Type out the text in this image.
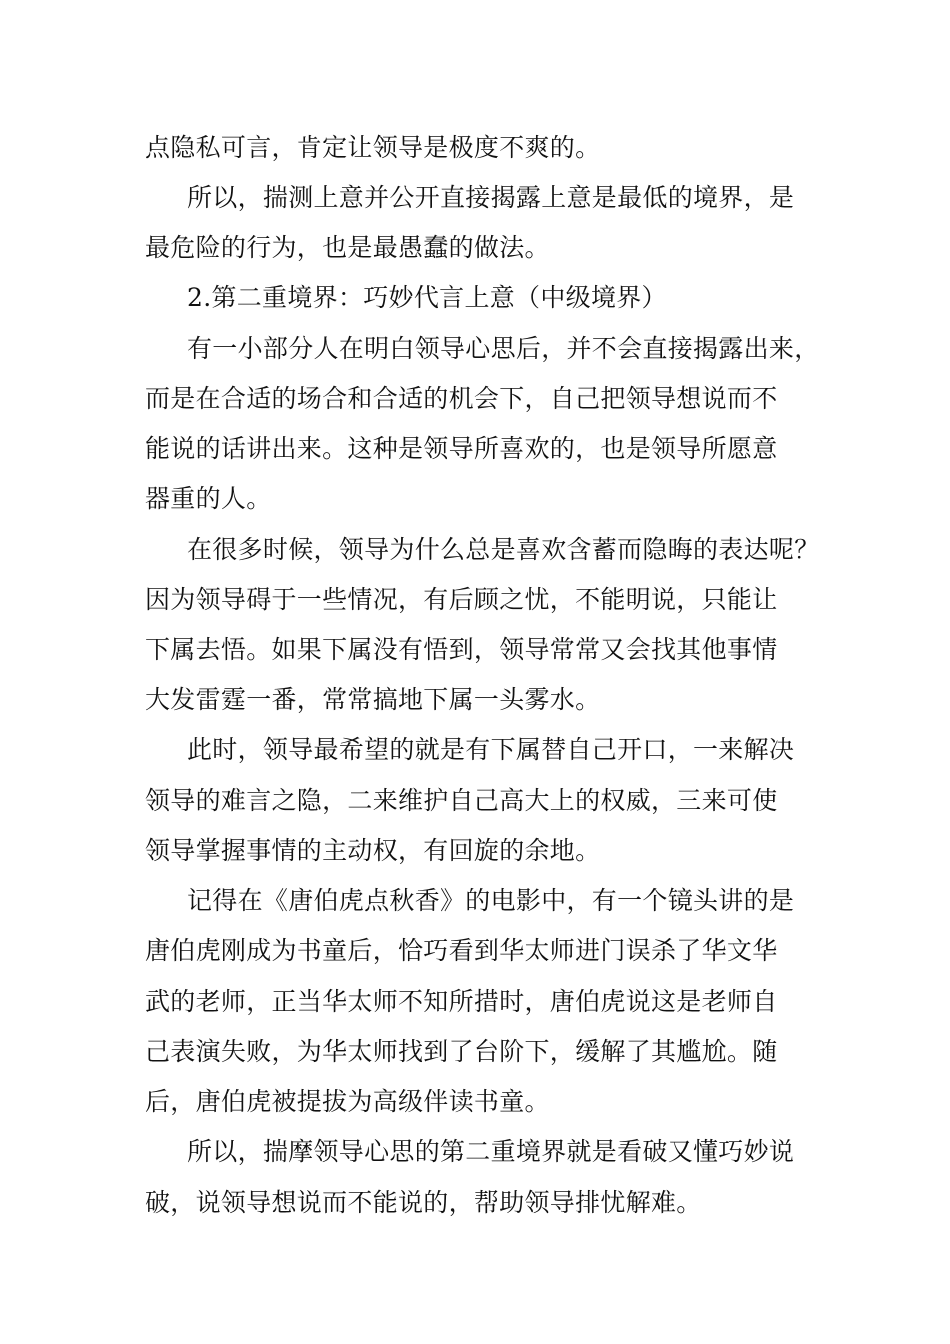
点隐私可言，肯定让领导是极度不爽的。
所以，揣测上意并公开直接揭露上意是最低的境界，是
最危险的行为，也是最愚蠢的做法。
2.第二重境界：巧妙代言上意（中级境界）
有一小部分人在明白领导心思后，并不会直接揭露出来，
而是在合适的场合和合适的机会下，自己把领导想说而不
能说的话讲出来。这种是领导所喜欢的，也是领导所愿意
器重的人。
在很多时候，领导为什么总是喜欢含蓄而隐晦的表达呢？
因为领导碍于一些情况，有后顾之忧，不能明说，只能让
下属去悟。如果下属没有悟到，领导常常又会找其他事情
大发雷霆一番，常常搞地下属一头雾水。
此时，领导最希望的就是有下属替自己开口，一来解决
领导的难言之隐，二来维护自己高大上的权威，三来可使
领导掌握事情的主动权，有回旋的余地。
记得在《唐伯虎点秋香》的电影中，有一个镜头讲的是
唐伯虎刚成为书童后，恰巧看到华太师进门误杀了华文华
武的老师，正当华太师不知所措时，唐伯虎说这是老师自
己表演失败，为华太师找到了台阶下，缓解了其尴尬。随
后，唐伯虎被提拔为高级伴读书童。
所以，揣摩领导心思的第二重境界就是看破又懂巧妙说
破，说领导想说而不能说的，帮助领导排忧解难。
